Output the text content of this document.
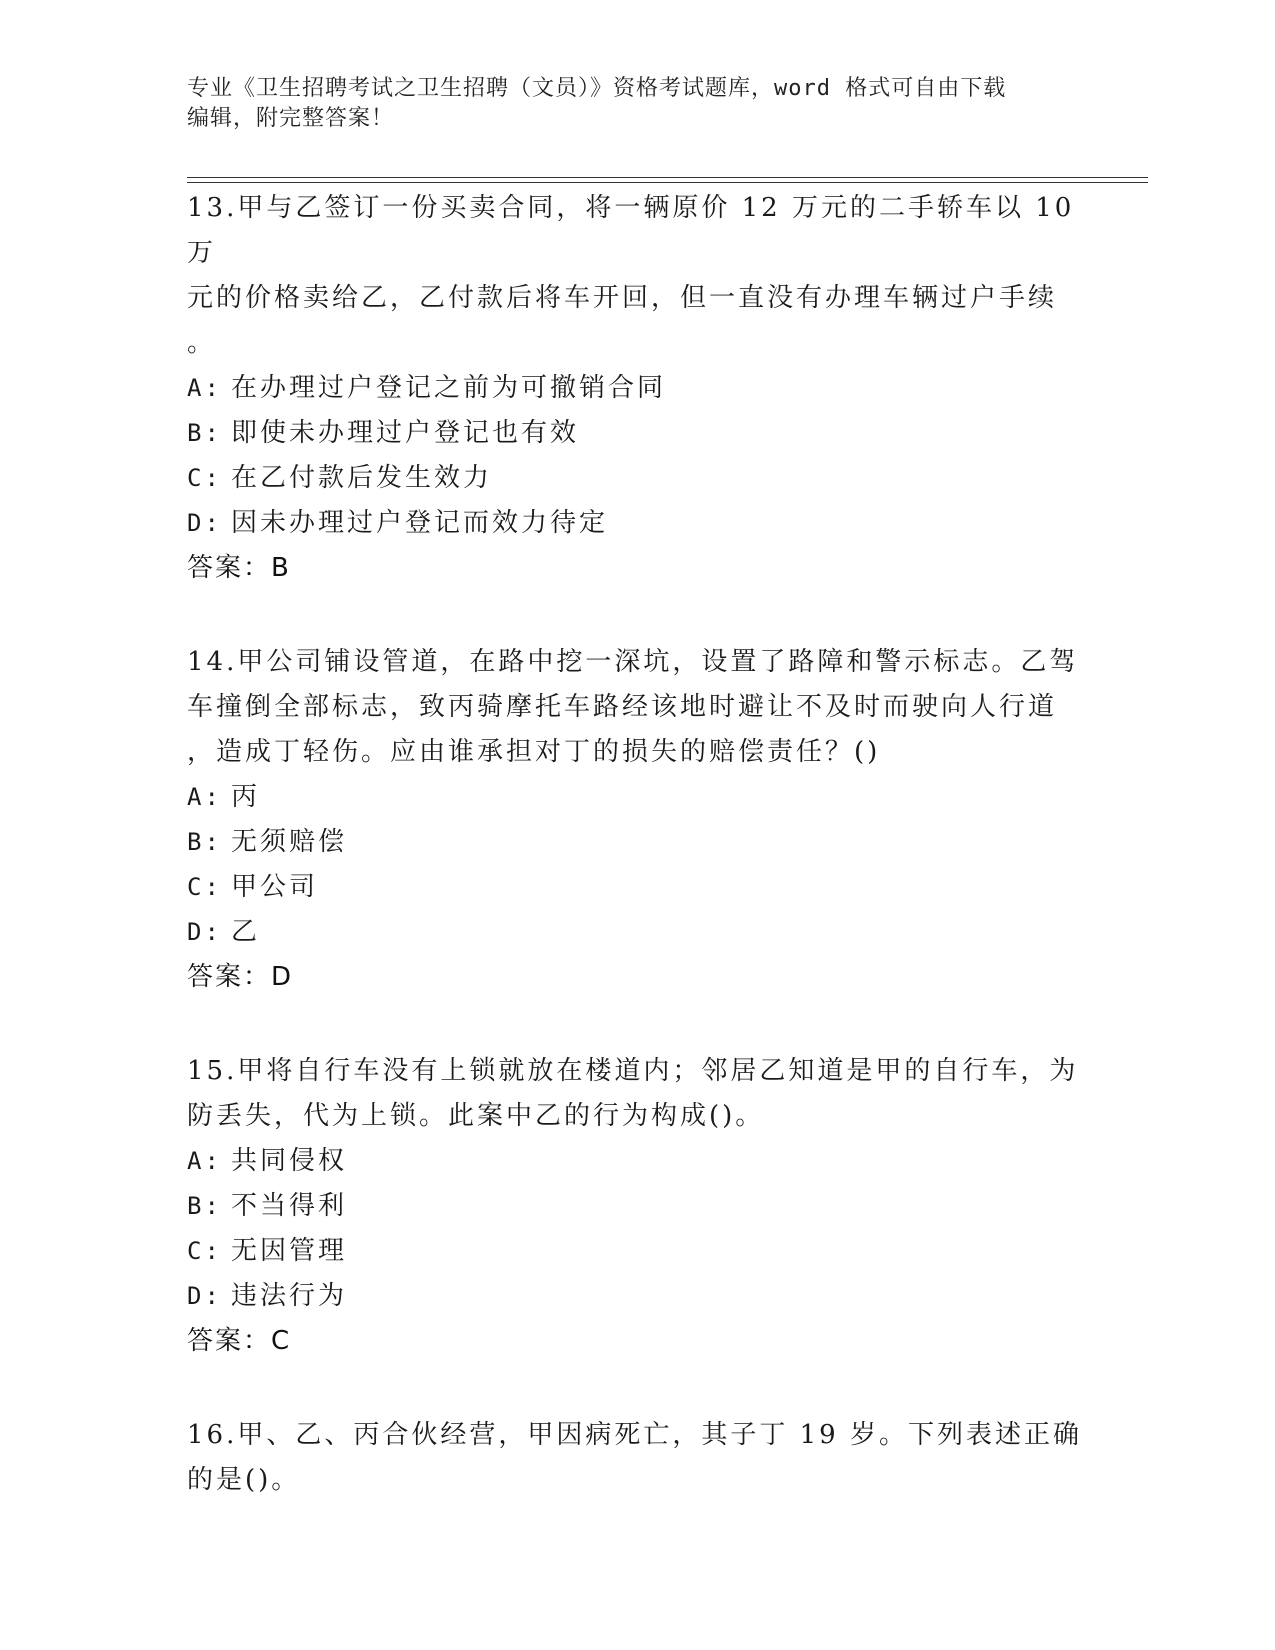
专业《卫生招聘考试之卫生招聘（文员）》资格考试题库，word 格式可自由下载
编辑，附完整答案！
13.甲与乙签订一份买卖合同，将一辆原价 12 万元的二手轿车以 10 万
元的价格卖给乙，乙付款后将车开回，但一直没有办理车辆过户手续
。
A: 在办理过户登记之前为可撤销合同
B: 即使未办理过户登记也有效
C: 在乙付款后发生效力
D: 因未办理过户登记而效力待定
答案：B
14.甲公司铺设管道，在路中挖一深坑，设置了路障和警示标志。乙驾
车撞倒全部标志，致丙骑摩托车路经该地时避让不及时而驶向人行道
，造成丁轻伤。应由谁承担对丁的损失的赔偿责任？()
A: 丙
B: 无须赔偿
C: 甲公司
D: 乙
答案：D
15.甲将自行车没有上锁就放在楼道内；邻居乙知道是甲的自行车，为
防丢失，代为上锁。此案中乙的行为构成()。
A: 共同侵权
B: 不当得利
C: 无因管理
D: 违法行为
答案：C
16.甲、乙、丙合伙经营，甲因病死亡，其子丁 19 岁。下列表述正确
的是()。
